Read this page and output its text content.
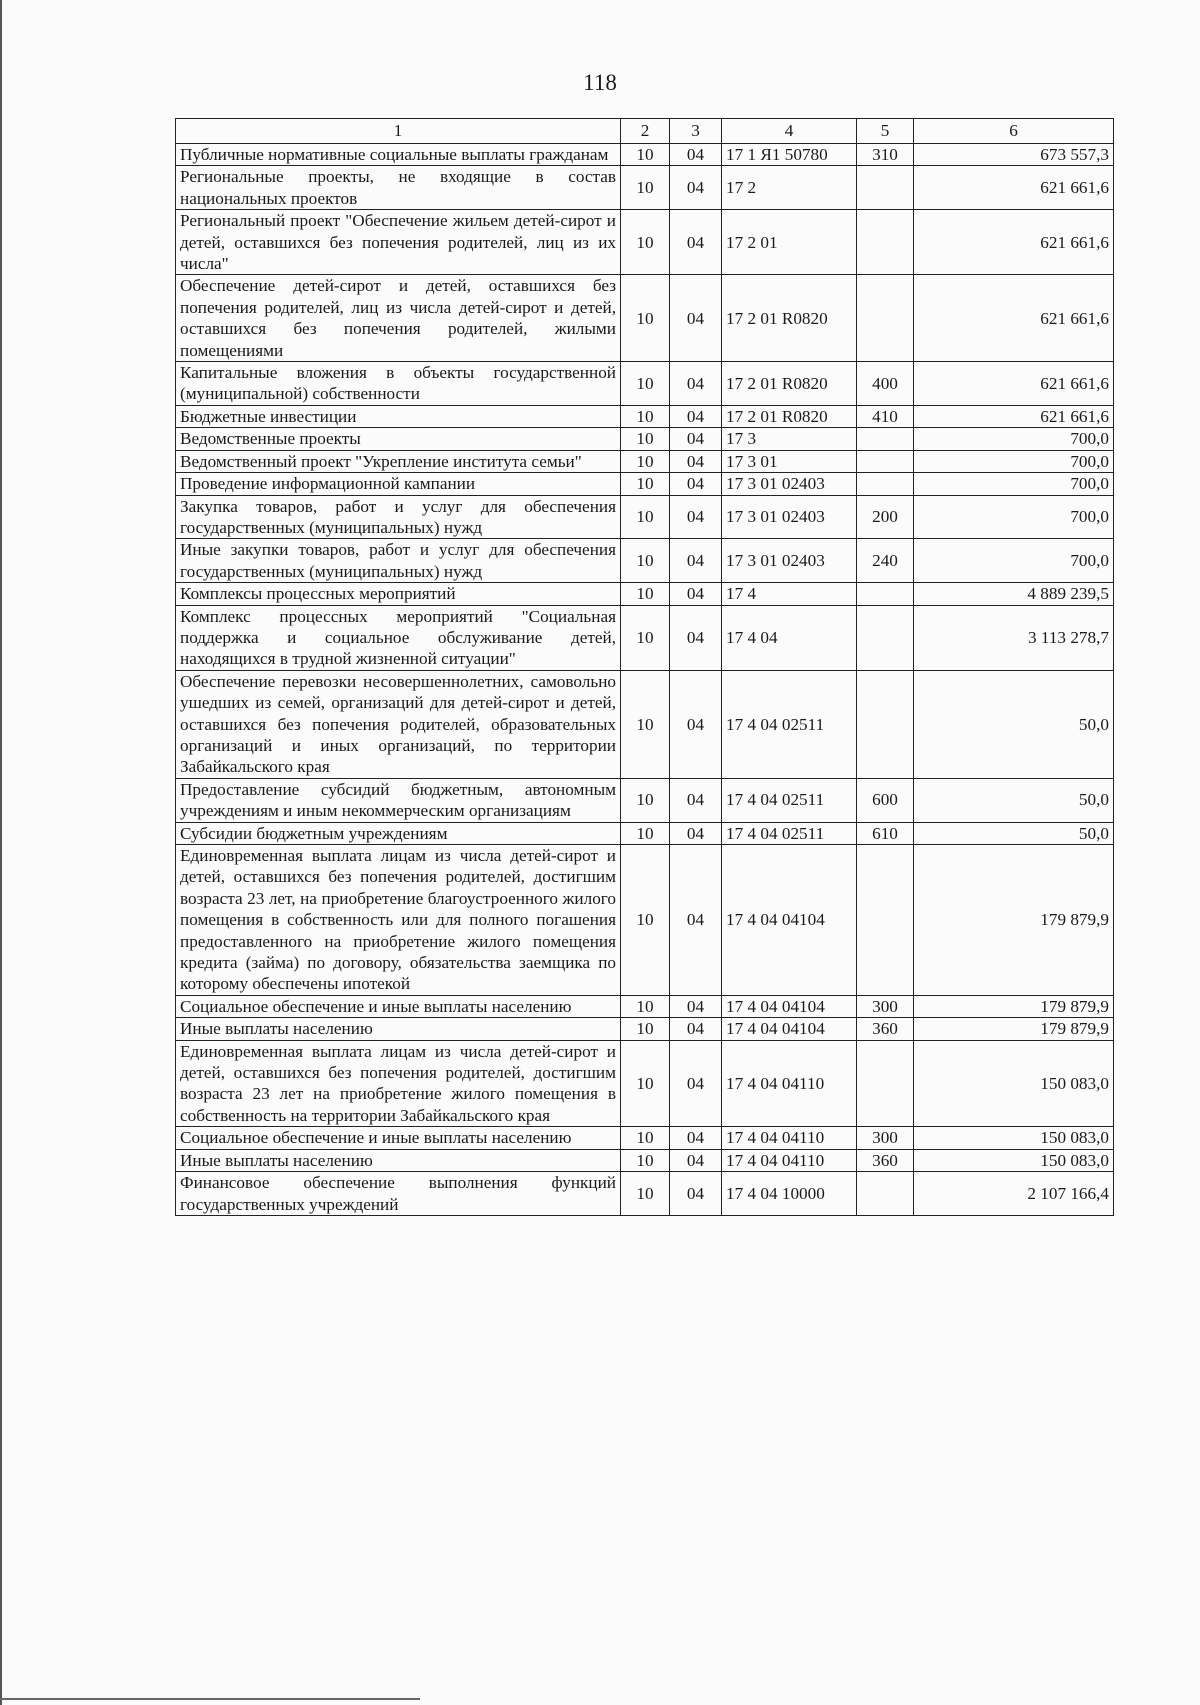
118
1	2	3	4	5	6
Публичные нормативные социальные выплаты гражданам	10	04	17 1 Я1 50780	310	673 557,3
Региональные проекты, не входящие в состав национальных проектов	10	04	17 2		621 661,6
Региональный проект "Обеспечение жильем детей-сирот и детей, оставшихся без попечения родителей, лиц из их числа"	10	04	17 2 01		621 661,6
Обеспечение детей-сирот и детей, оставшихся без попечения родителей, лиц из числа детей-сирот и детей, оставшихся без попечения родителей, жилыми помещениями	10	04	17 2 01 R0820		621 661,6
Капитальные вложения в объекты государственной (муниципальной) собственности	10	04	17 2 01 R0820	400	621 661,6
Бюджетные инвестиции	10	04	17 2 01 R0820	410	621 661,6
Ведомственные проекты	10	04	17 3		700,0
Ведомственный проект "Укрепление института семьи"	10	04	17 3 01		700,0
Проведение информационной кампании	10	04	17 3 01 02403		700,0
Закупка товаров, работ и услуг для обеспечения государственных (муниципальных) нужд	10	04	17 3 01 02403	200	700,0
Иные закупки товаров, работ и услуг для обеспечения государственных (муниципальных) нужд	10	04	17 3 01 02403	240	700,0
Комплексы процессных мероприятий	10	04	17 4		4 889 239,5
Комплекс процессных мероприятий "Социальная поддержка и социальное обслуживание детей, находящихся в трудной жизненной ситуации"	10	04	17 4 04		3 113 278,7
Обеспечение перевозки несовершеннолетних, самовольно ушедших из семей, организаций для детей-сирот и детей, оставшихся без попечения родителей, образовательных организаций и иных организаций, по территории Забайкальского края	10	04	17 4 04 02511		50,0
Предоставление субсидий бюджетным, автономным учреждениям и иным некоммерческим организациям	10	04	17 4 04 02511	600	50,0
Субсидии бюджетным учреждениям	10	04	17 4 04 02511	610	50,0
Единовременная выплата лицам из числа детей-сирот и детей, оставшихся без попечения родителей, достигшим возраста 23 лет, на приобретение благоустроенного жилого помещения в собственность или для полного погашения предоставленного на приобретение жилого помещения кредита (займа) по договору, обязательства заемщика по которому обеспечены ипотекой	10	04	17 4 04 04104		179 879,9
Социальное обеспечение и иные выплаты населению	10	04	17 4 04 04104	300	179 879,9
Иные выплаты населению	10	04	17 4 04 04104	360	179 879,9
Единовременная выплата лицам из числа детей-сирот и детей, оставшихся без попечения родителей, достигшим возраста 23 лет на приобретение жилого помещения в собственность на территории Забайкальского края	10	04	17 4 04 04110		150 083,0
Социальное обеспечение и иные выплаты населению	10	04	17 4 04 04110	300	150 083,0
Иные выплаты населению	10	04	17 4 04 04110	360	150 083,0
Финансовое обеспечение выполнения функций государственных учреждений	10	04	17 4 04 10000		2 107 166,4
